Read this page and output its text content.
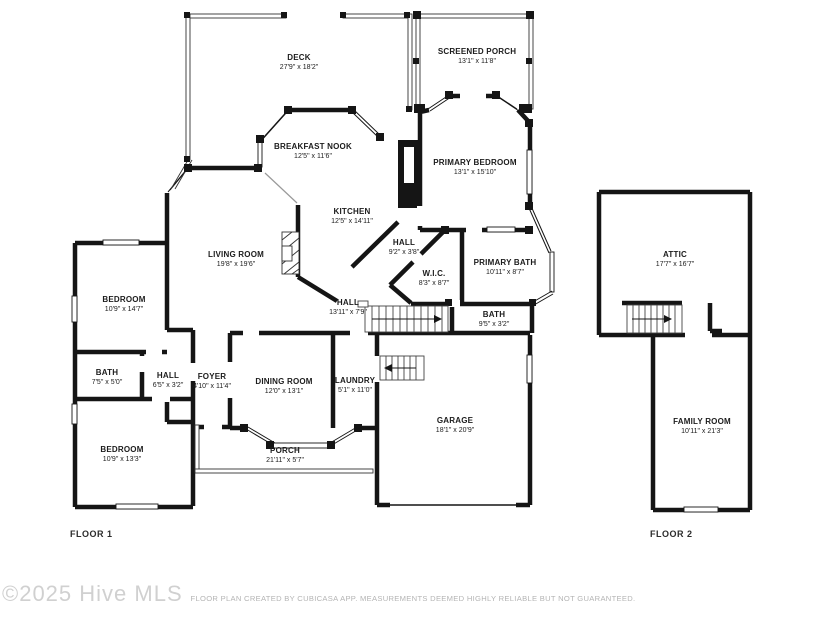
DECK
27'9" x 18'2"
SCREENED PORCH
13'1" x 11'8"
BREAKFAST NOOK
12'5" x 11'6"
PRIMARY BEDROOM
13'1" x 15'10"
KITCHEN
12'5" x 14'11"
HALL
9'2" x 3'8"
LIVING ROOM
19'8" x 19'6"
W.I.C.
8'3" x 8'7"
PRIMARY BATH
10'11" x 8'7"
HALL
13'11" x 7'9"	BATH
9'5" x 3'2"
BEDROOM
10'9" x 14'7"
BATH
7'5" x 5'0"
HALL
6'5" x 3'2"
FOYER
4'10" x 11'4"
DINING ROOM
12'0" x 13'1"
LAUNDRY
5'1" x 11'0"
GARAGE
18'1" x 20'9"
BEDROOM
10'9" x 13'3"
PORCH
21'11" x 5'7"
ATTIC
17'7" x 16'7"
FAMILY ROOM
10'11" x 21'3"
FLOOR 1	FLOOR 2
FLOOR PLAN CREATED BY CUBICASA APP. MEASUREMENTS DEEMED HIGHLY RELIABLE BUT NOT GUARANTEED.
©2025 Hive MLS
